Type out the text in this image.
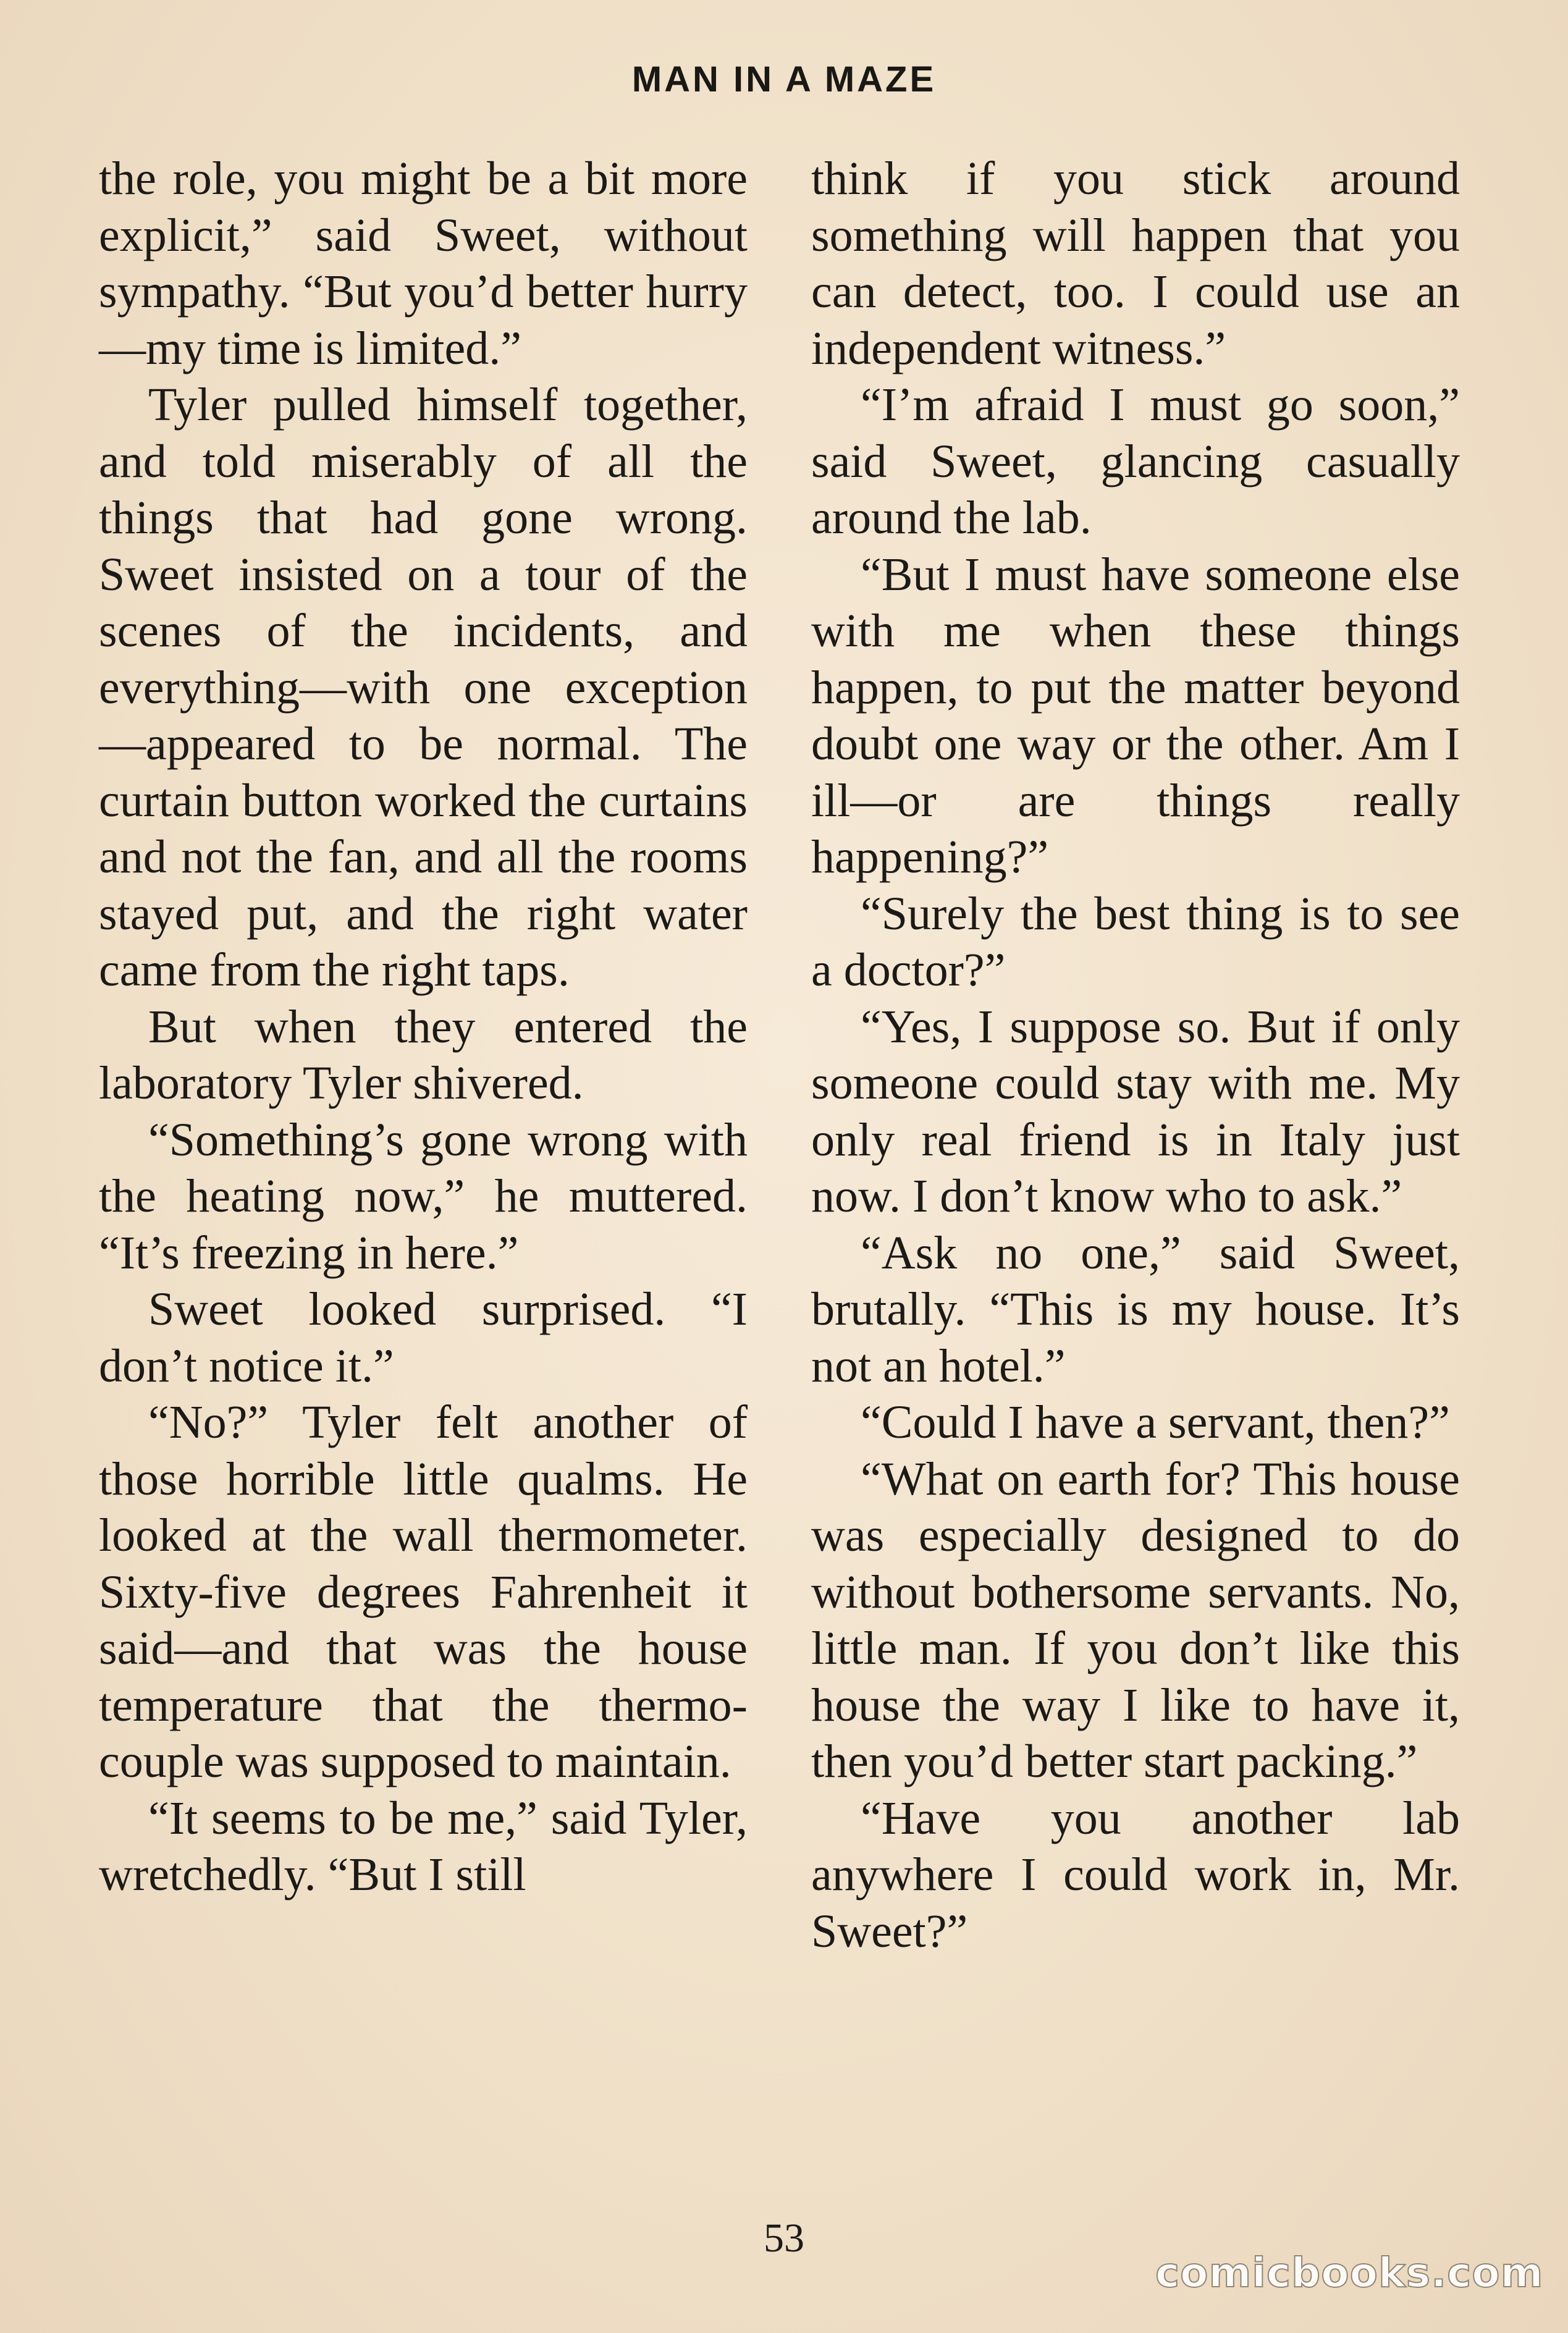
MAN IN A MAZE

the role, you might be a bit more explicit,” said Sweet, without sympathy. “But you’d better hurry—my time is limited.”

Tyler pulled himself together, and told miserably of all the things that had gone wrong. Sweet insisted on a tour of the scenes of the incidents, and everything—with one exception—appeared to be normal. The curtain button worked the curtains and not the fan, and all the rooms stayed put, and the right water came from the right taps.

But when they entered the laboratory Tyler shivered.

“Something’s gone wrong with the heating now,” he muttered. “It’s freezing in here.”

Sweet looked surprised. “I don’t notice it.”

“No?” Tyler felt another of those horrible little qualms. He looked at the wall thermometer. Sixty-five degrees Fahrenheit it said—and that was the house temperature that the thermo-couple was supposed to maintain.

“It seems to be me,” said Tyler, wretchedly. “But I still

think if you stick around something will happen that you can detect, too. I could use an independent witness.”

“I’m afraid I must go soon,” said Sweet, glancing casually around the lab.

“But I must have someone else with me when these things happen, to put the matter beyond doubt one way or the other. Am I ill—or are things really happening?”

“Surely the best thing is to see a doctor?”

“Yes, I suppose so. But if only someone could stay with me. My only real friend is in Italy just now. I don’t know who to ask.”

“Ask no one,” said Sweet, brutally. “This is my house. It’s not an hotel.”

“Could I have a servant, then?”

“What on earth for? This house was especially designed to do without bothersome servants. No, little man. If you don’t like this house the way I like to have it, then you’d better start packing.”

“Have you another lab anywhere I could work in, Mr. Sweet?”

53
comicbooks.com
